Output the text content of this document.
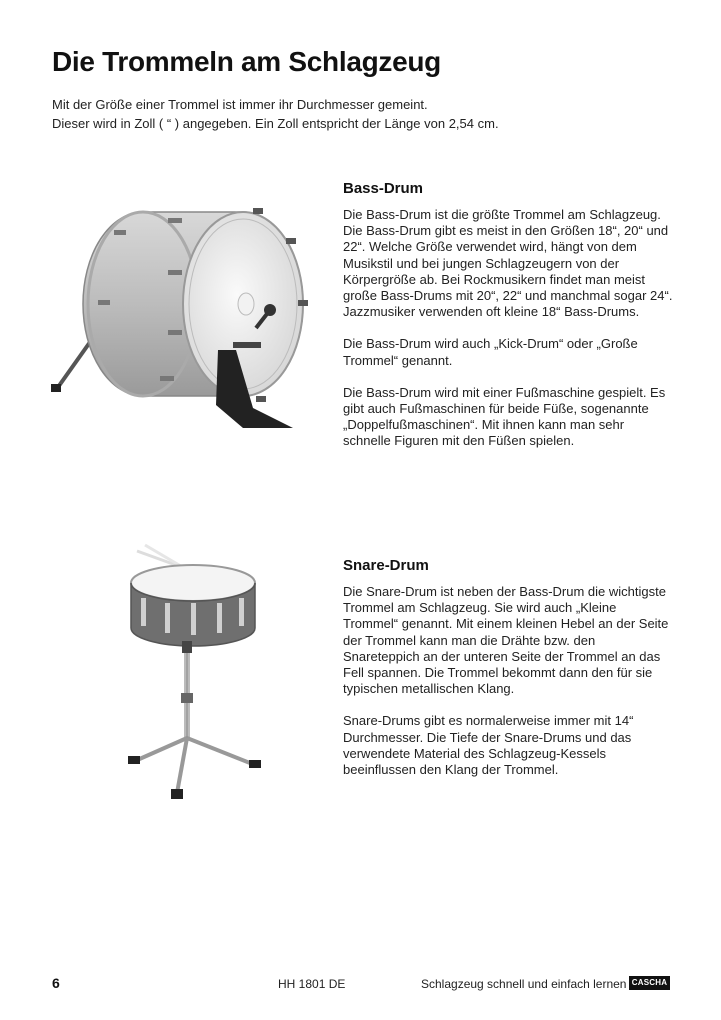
Die Trommeln am Schlagzeug

Mit der Größe einer Trommel ist immer ihr Durchmesser gemeint.

Dieser wird in Zoll ( “ ) angegeben. Ein Zoll entspricht der Länge von 2,54 cm.

Bass-Drum

Die Bass-Drum ist die größte Trommel am Schlagzeug. Die Bass-Drum gibt es meist in den Größen 18“, 20“ und 22“. Welche Größe verwendet wird, hängt von dem Musikstil und bei jungen Schlagzeugern von der Körpergröße ab. Bei Rockmusikern findet man meist große Bass-Drums mit 20“, 22“ und manchmal sogar 24“. Jazzmusiker verwenden oft kleine 18“ Bass-Drums.

Die Bass-Drum wird auch „Kick-Drum“ oder „Große Trommel“ genannt.

Die Bass-Drum wird mit einer Fußmaschine gespielt. Es gibt auch Fußmaschinen für beide Füße, sogenannte „Doppelfußmaschinen“. Mit ihnen kann man sehr schnelle Figuren mit den Füßen spielen.

Snare-Drum

Die Snare-Drum ist neben der Bass-Drum die wichtigste Trommel am Schlagzeug. Sie wird auch „Kleine Trommel“ genannt. Mit einem kleinen Hebel an der Seite der Trommel kann man die Drähte bzw. den Snareteppich an der unteren Seite der Trommel an das Fell spannen. Die Trommel bekommt dann den für sie typischen metallischen Klang.

Snare-Drums gibt es normalerweise immer mit 14“ Durchmesser. Die Tiefe der Snare-Drums und das verwendete Material des Schlagzeug-Kessels beeinflussen den Klang der Trommel.

6	HH 1801 DE	Schlagzeug schnell und einfach lernen CASCHA
